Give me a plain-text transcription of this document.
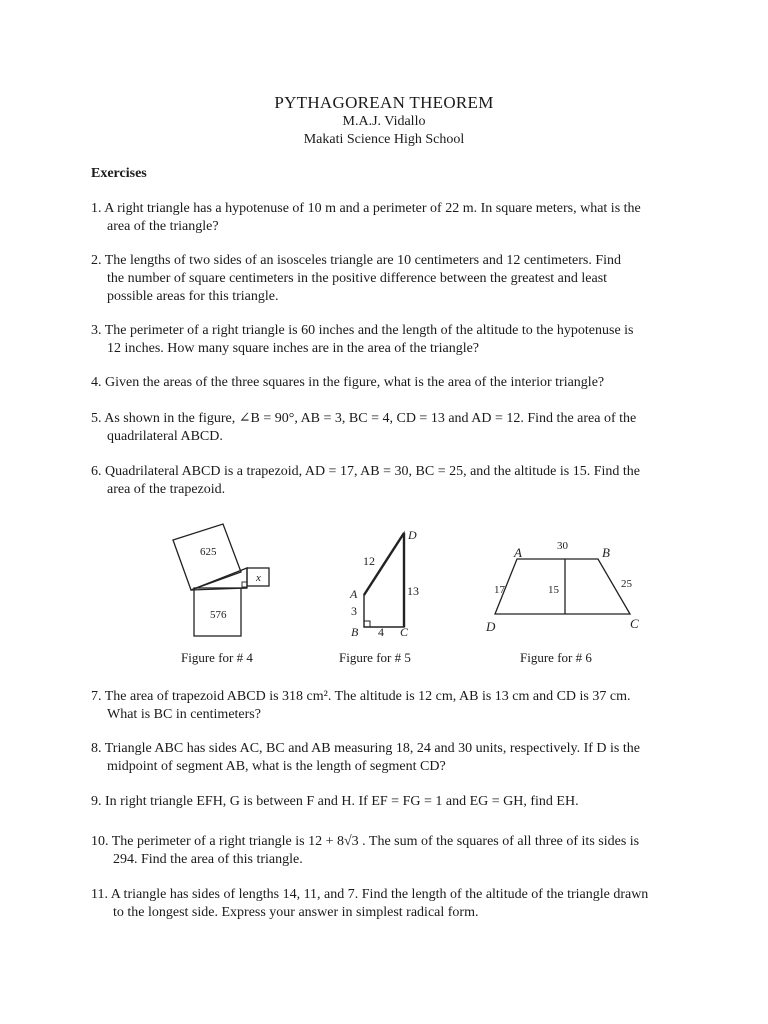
PYTHAGOREAN THEOREM
M.A.J. Vidallo
Makati Science High School
Exercises
1. A right triangle has a hypotenuse of 10 m and a perimeter of 22 m. In square meters, what is the
area of the triangle?
2. The lengths of two sides of an isosceles triangle are 10 centimeters and 12 centimeters. Find
the number of square centimeters in the positive difference between the greatest and least
possible areas for this triangle.
3. The perimeter of a right triangle is 60 inches and the length of the altitude to the hypotenuse is
12 inches. How many square inches are in the area of the triangle?
4. Given the areas of the three squares in the figure, what is the area of the interior triangle?
5. As shown in the figure, ∠B = 90°, AB = 3, BC = 4, CD = 13 and AD = 12. Find the area of the
quadrilateral ABCD.
6. Quadrilateral ABCD is a trapezoid, AD = 17, AB = 30, BC = 25, and the altitude is 15. Find the
area of the trapezoid.
625
576
x
D
A
B	C
12
13
3
4
A	B
C
D
30
17	25
15
Figure for # 4	Figure for # 5	Figure for # 6
7. The area of trapezoid ABCD is 318 cm². The altitude is 12 cm, AB is 13 cm and CD is 37 cm.
What is BC in centimeters?
8. Triangle ABC has sides AC, BC and AB measuring 18, 24 and 30 units, respectively. If D is the
midpoint of segment AB, what is the length of segment CD?
9. In right triangle EFH, G is between F and H. If EF = FG = 1 and EG = GH, find EH.
10. The perimeter of a right triangle is 12 + 8√3 . The sum of the squares of all three of its sides is
294. Find the area of this triangle.
11. A triangle has sides of lengths 14, 11, and 7. Find the length of the altitude of the triangle drawn
to the longest side. Express your answer in simplest radical form.
